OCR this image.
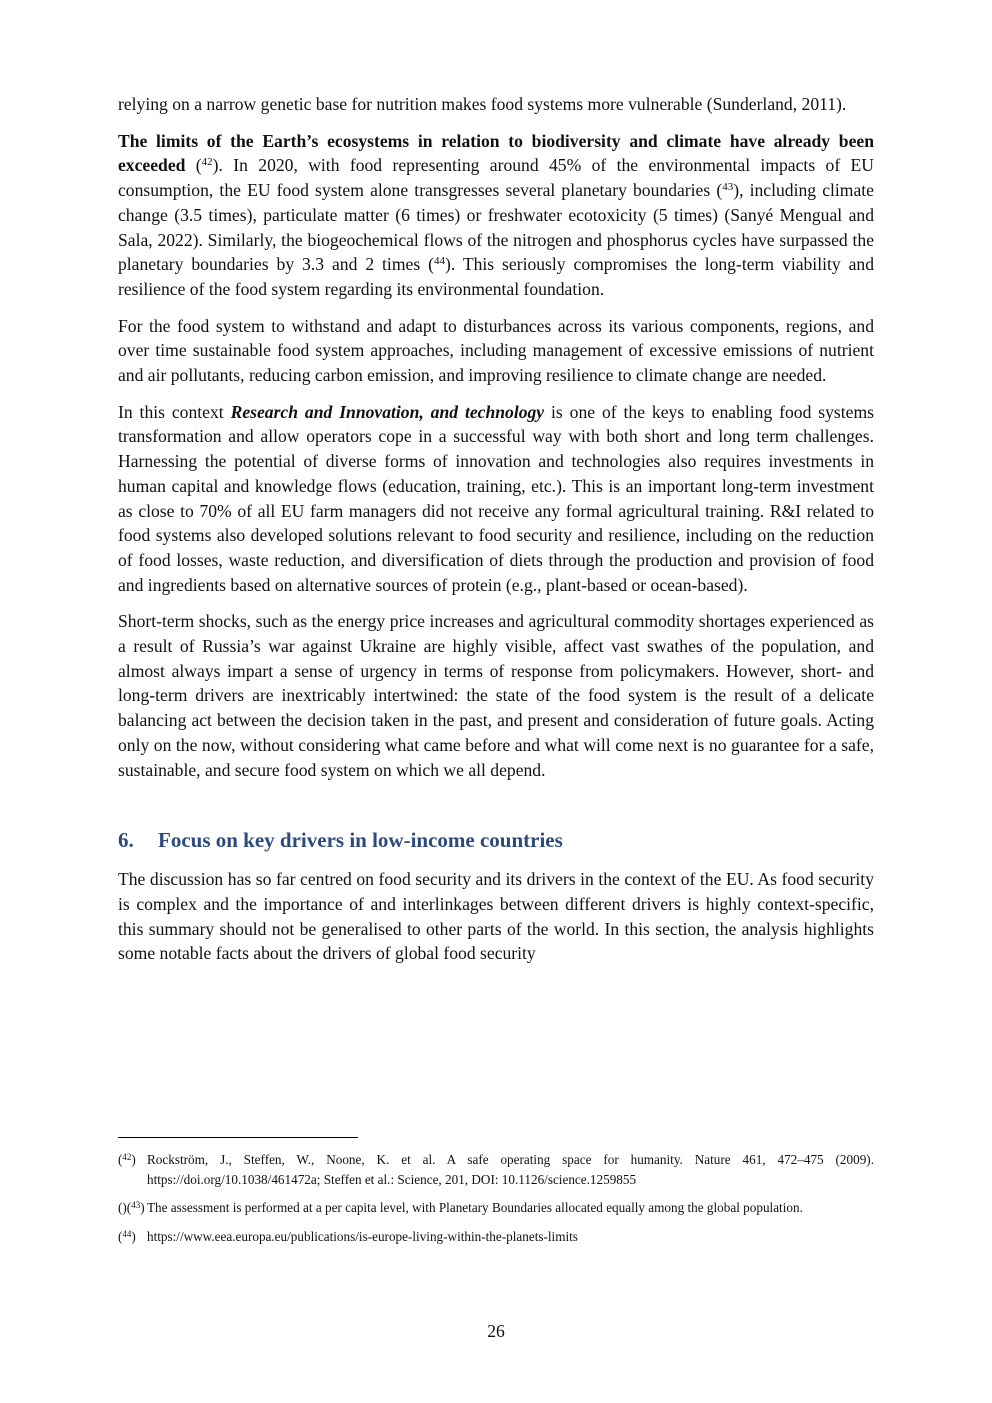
relying on a narrow genetic base for nutrition makes food systems more vulnerable (Sunderland, 2011).

The limits of the Earth’s ecosystems in relation to biodiversity and climate have already been exceeded ($^{42}$). In 2020, with food representing around 45% of the environmental impacts of EU consumption, the EU food system alone transgresses several planetary boundaries ($^{43}$), including climate change (3.5 times), particulate matter (6 times) or freshwater ecotoxicity (5 times) (Sanyé Mengual and Sala, 2022). Similarly, the biogeochemical flows of the nitrogen and phosphorus cycles have surpassed the planetary boundaries by 3.3 and 2 times ($^{44}$). This seriously compromises the long-term viability and resilience of the food system regarding its environmental foundation.

For the food system to withstand and adapt to disturbances across its various components, regions, and over time sustainable food system approaches, including management of excessive emissions of nutrient and air pollutants, reducing carbon emission, and improving resilience to climate change are needed.

In this context Research and Innovation, and technology is one of the keys to enabling food systems transformation and allow operators cope in a successful way with both short and long term challenges. Harnessing the potential of diverse forms of innovation and technologies also requires investments in human capital and knowledge flows (education, training, etc.). This is an important long-term investment as close to 70% of all EU farm managers did not receive any formal agricultural training. R&I related to food systems also developed solutions relevant to food security and resilience, including on the reduction of food losses, waste reduction, and diversification of diets through the production and provision of food and ingredients based on alternative sources of protein (e.g., plant-based or ocean-based).

Short-term shocks, such as the energy price increases and agricultural commodity shortages experienced as a result of Russia’s war against Ukraine are highly visible, affect vast swathes of the population, and almost always impart a sense of urgency in terms of response from policymakers. However, short- and long-term drivers are inextricably intertwined: the state of the food system is the result of a delicate balancing act between the decision taken in the past, and present and consideration of future goals. Acting only on the now, without considering what came before and what will come next is no guarantee for a safe, sustainable, and secure food system on which we all depend.

6.	Focus on key drivers in low-income countries

The discussion has so far centred on food security and its drivers in the context of the EU. As food security is complex and the importance of and interlinkages between different drivers is highly context-specific, this summary should not be generalised to other parts of the world. In this section, the analysis highlights some notable facts about the drivers of global food security

($^{42}$) Rockström, J., Steffen, W., Noone, K. et al. A safe operating space for humanity. Nature 461, 472–475 (2009). https://doi.org/10.1038/461472a; Steffen et al.: Science, 201, DOI: 10.1126/science.1259855
()($^{43}$) The assessment is performed at a per capita level, with Planetary Boundaries allocated equally among the global population.
($^{44}$) https://www.eea.europa.eu/publications/is-europe-living-within-the-planets-limits
26
